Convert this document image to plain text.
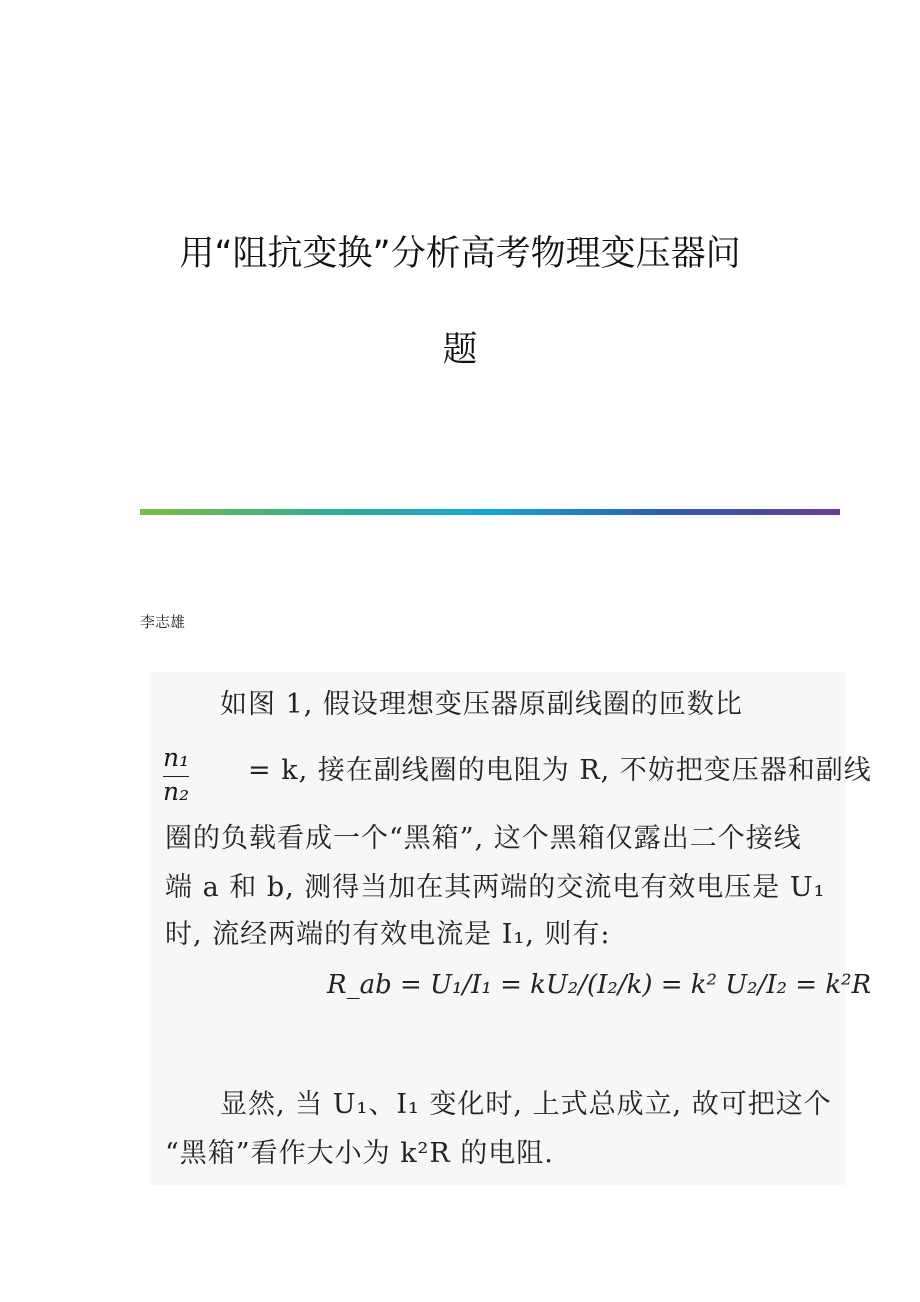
用“阻抗变换”分析高考物理变压器问
题
李志雄
如图 1, 假设理想变压器原副线圈的匝数比
n₁
n₂
= k, 接在副线圈的电阻为 R, 不妨把变压器和副线
圈的负载看成一个“黑箱”, 这个黑箱仅露出二个接线
端 a 和 b, 测得当加在其两端的交流电有效电压是 U₁
时, 流经两端的有效电流是 I₁, 则有:
R_ab = U₁/I₁ = kU₂/(I₂/k) = k² U₂/I₂ = k²R
显然, 当 U₁、I₁ 变化时, 上式总成立, 故可把这个
“黑箱”看作大小为 k²R 的电阻.
